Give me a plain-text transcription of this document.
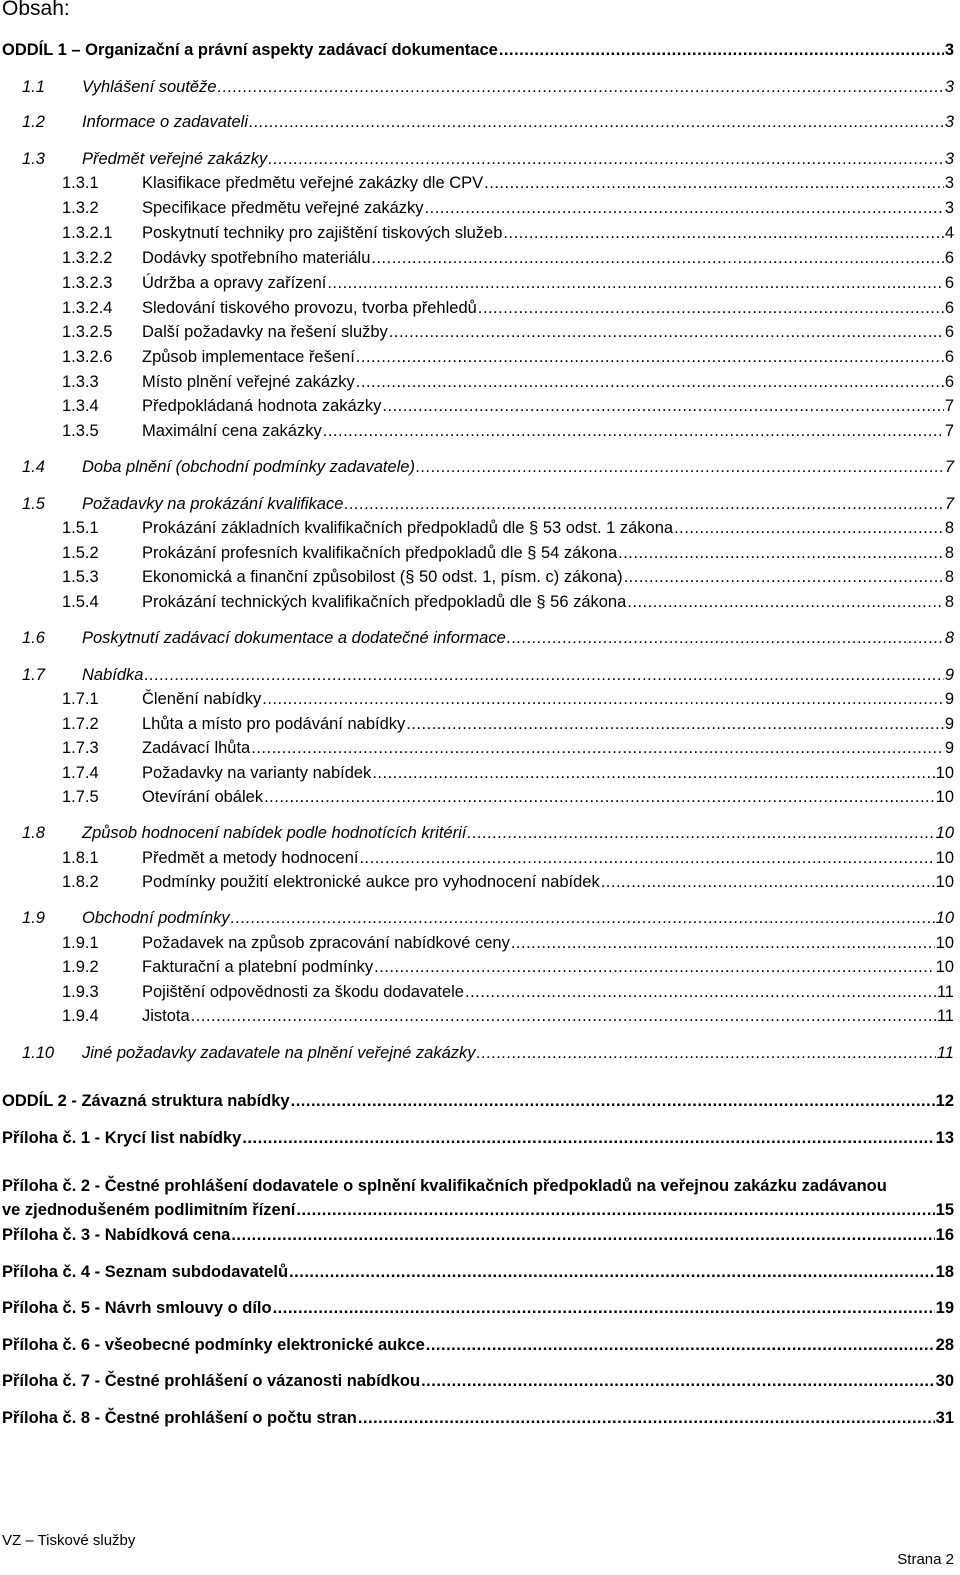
Obsah:
ODDÍL 1 – Organizační a právní aspekty zadávací dokumentace .....	3
1.1	Vyhlášení soutěže .....	3
1.2	Informace o zadavateli .....	3
1.3	Předmět veřejné zakázky .....	3
1.3.1	Klasifikace předmětu veřejné zakázky dle CPV .....	3
1.3.2	Specifikace předmětu veřejné zakázky .....	3
1.3.2.1	Poskytnutí techniky pro zajištění tiskových služeb .....	4
1.3.2.2	Dodávky spotřebního materiálu .....	6
1.3.2.3	Údržba a opravy zařízení .....	6
1.3.2.4	Sledování tiskového provozu, tvorba přehledů .....	6
1.3.2.5	Další požadavky na řešení služby .....	6
1.3.2.6	Způsob implementace řešení .....	6
1.3.3	Místo plnění veřejné zakázky .....	6
1.3.4	Předpokládaná hodnota zakázky .....	7
1.3.5	Maximální cena zakázky .....	7
1.4	Doba plnění (obchodní podmínky zadavatele) .....	7
1.5	Požadavky na prokázání kvalifikace .....	7
1.5.1	Prokázání základních kvalifikačních předpokladů dle § 53 odst. 1 zákona .....	8
1.5.2	Prokázání profesních kvalifikačních předpokladů dle § 54 zákona .....	8
1.5.3	Ekonomická a finanční způsobilost (§ 50 odst. 1, písm. c) zákona) .....	8
1.5.4	Prokázání technických kvalifikačních předpokladů dle § 56 zákona .....	8
1.6	Poskytnutí zadávací dokumentace a dodatečné informace .....	8
1.7	Nabídka .....	9
1.7.1	Členění nabídky .....	9
1.7.2	Lhůta a místo pro podávání nabídky .....	9
1.7.3	Zadávací lhůta .....	9
1.7.4	Požadavky na varianty nabídek .....	10
1.7.5	Otevírání obálek .....	10
1.8	Způsob hodnocení nabídek podle hodnotících kritérií .....	10
1.8.1	Předmět a metody hodnocení .....	10
1.8.2	Podmínky použití elektronické aukce pro vyhodnocení nabídek .....	10
1.9	Obchodní podmínky .....	10
1.9.1	Požadavek na způsob zpracování nabídkové ceny .....	10
1.9.2	Fakturační a platební podmínky .....	10
1.9.3	Pojištění odpovědnosti za škodu dodavatele .....	11
1.9.4	Jistota .....	11
1.10	Jiné požadavky zadavatele na plnění veřejné zakázky .....	11
ODDÍL 2 - Závazná struktura nabídky .....	12
Příloha č. 1 - Krycí list nabídky .....	13
Příloha č. 2 - Čestné prohlášení dodavatele o splnění kvalifikačních předpokladů na veřejnou zakázku zadávanou
ve zjednodušeném podlimitním řízení .....	15
Příloha č. 3 - Nabídková cena .....	16
Příloha č. 4 - Seznam subdodavatelů .....	18
Příloha č. 5 - Návrh smlouvy o dílo .....	19
Příloha č. 6 - všeobecné podmínky elektronické aukce .....	28
Příloha č. 7 - Čestné prohlášení o vázanosti nabídkou .....	30
Příloha č. 8 - Čestné prohlášení o počtu stran .....	31
VZ – Tiskové služby
Strana 2
